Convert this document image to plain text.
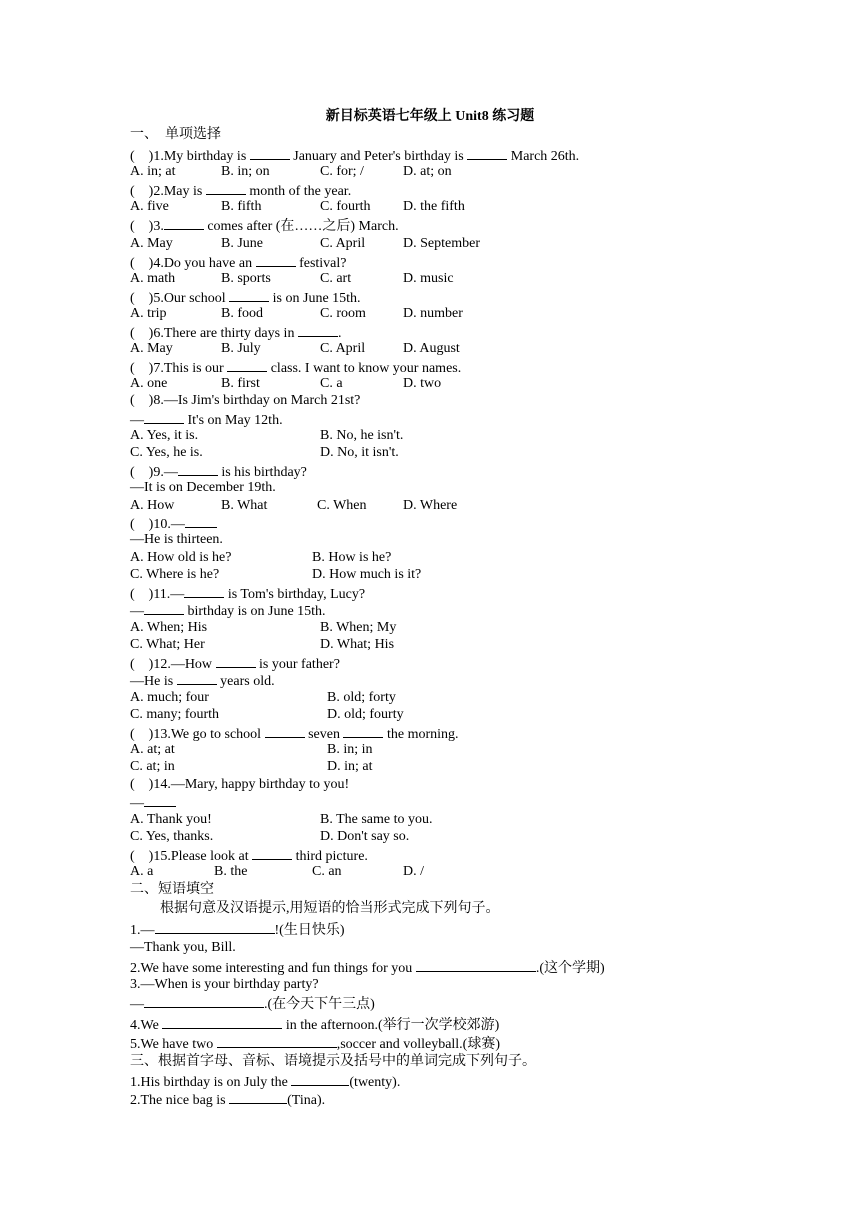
新目标英语七年级上 Unit8 练习题
一、  单项选择
(    )1.My birthday is	January and Peter's birthday is	March 26th.
A. in; at	B. in; on	C. for; /	D. at; on
(    )2.May is	month of the year.
A. five	B. fifth	C. fourth D. the fifth
(    )3.	comes after (在……之后) March.
A. May	B. June	C. April	D. September
(    )4.Do you have an	festival?
A. math	B. sports	C. art	D. music
(    )5.Our school	is on June 15th.
A. trip	B. food	C. room	D. number
(    )6.There are thirty days in	.
A. May	B. July	C. April	D. August
(    )7.This is our	class. I want to know your names.
A. one	B. first	C. a	D. two
(    )8.—Is Jim's birthday on March 21st?
—	It's on May 12th.
A. Yes, it is.	B. No, he isn't.
C. Yes, he is.	D. No, it isn't.
(    )9.—	is his birthday?
—It is on December 19th.
A. How	B. What	C. When	D. Where
(    )10.—
—He is thirteen.
A. How old is he?	B. How is he?
C. Where is he?	D. How much is it?
(    )11.—	is Tom's birthday, Lucy?
—	birthday is on June 15th.
A. When; His	B. When; My
C. What; Her	D. What; His
(    )12.—How	is your father?
—He is	years old.
A. much; four	B. old; forty
C. many; fourth	D. old; fourty
(    )13.We go to school	seven	the morning.
A. at; at	B. in; in
C. at; in	D. in; at
(    )14.—Mary, happy birthday to you!
—
A. Thank you!	B. The same to you.
C. Yes, thanks.	D. Don't say so.
(    )15.Please look at	third picture.
A. a	B. the	C. an	D. /
二、短语填空
根据句意及汉语提示,用短语的恰当形式完成下列句子。
1.—	!(生日快乐)
—Thank you, Bill.
2.We have some interesting and fun things for you	.(这个学期)
3.—When is your birthday party?
—	.(在今天下午三点)
4.We	in the afternoon.(举行一次学校郊游)
5.We have two	,soccer and volleyball.(球赛)
三、根据首字母、音标、语境提示及括号中的单词完成下列句子。
1.His birthday is on July the	(twenty).
2.The nice bag is	(Tina).
